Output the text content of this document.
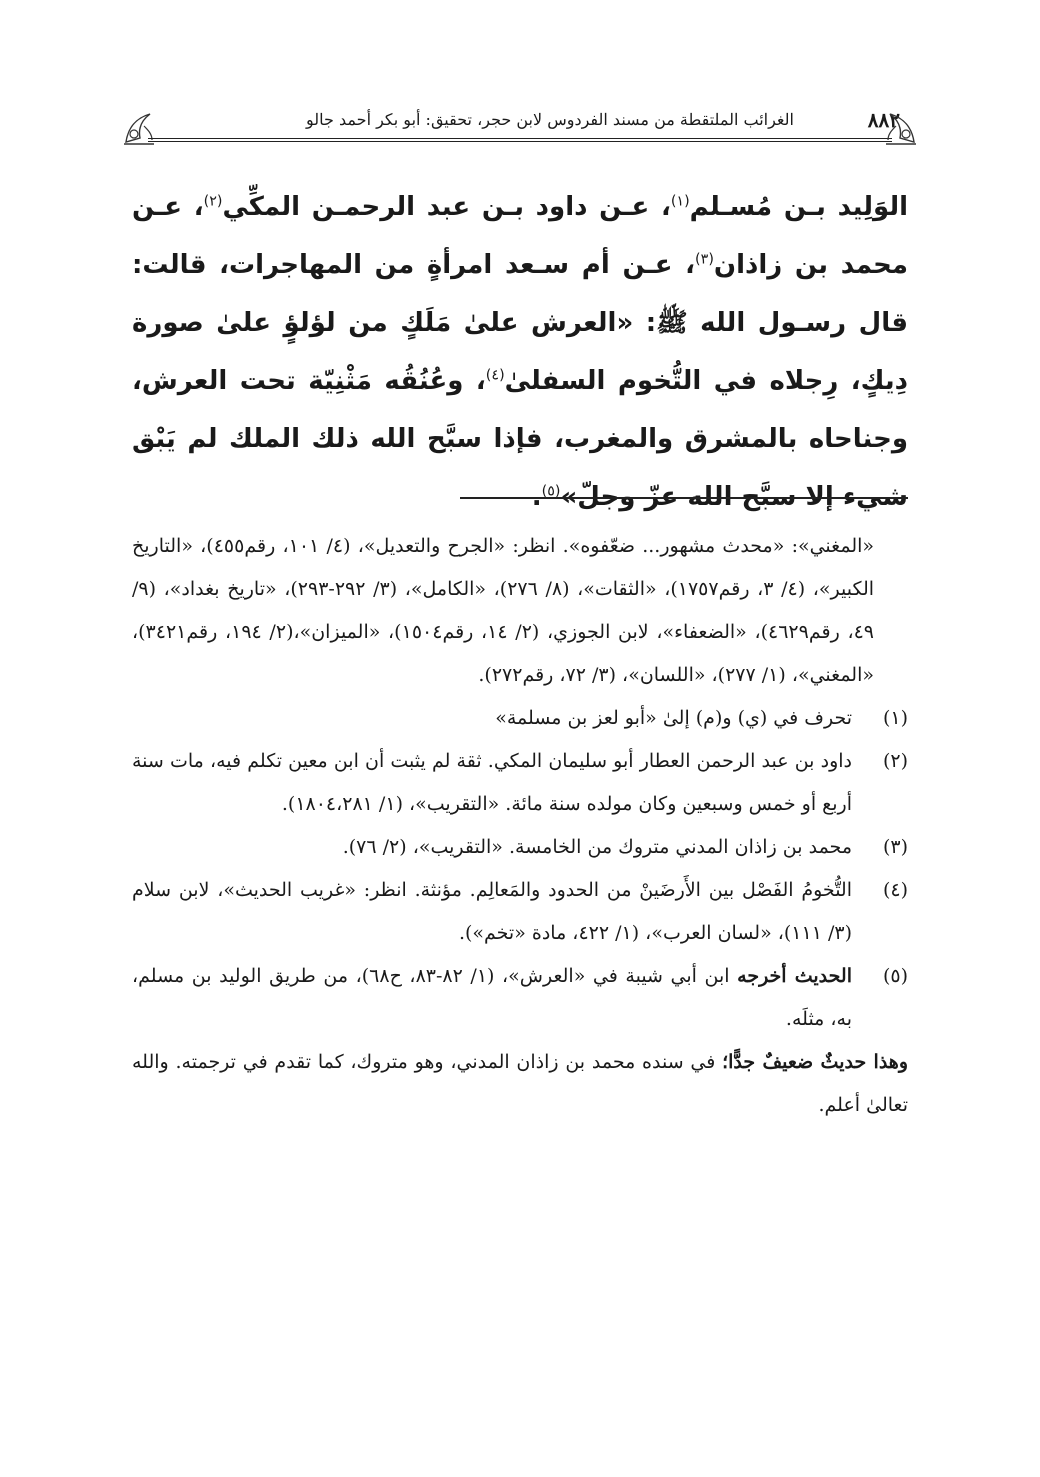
الغرائب الملتقطة من مسند الفردوس لابن حجر، تحقيق: أبو بكر أحمد جالو	٨٨٢

الوَلِيد بـن مُسـلم$^{(١)}$، عـن داود بـن عبد الرحمـن المكِّي$^{(٢)}$، عـن محمد بن زاذان$^{(٣)}$، عـن أم سـعد امرأةٍ من المهاجرات، قالت: قال رسـول الله ﷺ: «العرش علىٰ مَلَكٍ من لؤلؤٍ علىٰ صورة دِيكٍ، رِجلاه في التُّخوم السفلىٰ$^{(٤)}$، وعُنُقُه مَثْنِيّة تحت العرش، وجناحاه بالمشرق والمغرب، فإذا سبَّح الله ذلك الملك لم يَبْق شيء إلا سبَّح الله عزّ وجلّ»$^{(٥)}$.

«المغني»: «محدث مشهور... ضعّفوه». انظر: «الجرح والتعديل»، (٤/ ١٠١، رقم٤٥٥)، «التاريخ الكبير»، (٤/ ٣، رقم١٧٥٧)، «الثقات»، (٨/ ٢٧٦)، «الكامل»، (٣/ ٢٩٢-٢٩٣)، «تاريخ بغداد»، (٩/ ٤٩، رقم٤٦٢٩)، «الضعفاء»، لابن الجوزي، (٢/ ١٤، رقم١٥٠٤)، «الميزان»،(٢/ ١٩٤، رقم٣٤٢١)، «المغني»، (١/ ٢٧٧)، «اللسان»، (٣/ ٧٢، رقم٢٧٢).

(١)
تحرف في (ي) و(م) إلىٰ «أبو لعز بن مسلمة»
(٢)
داود بن عبد الرحمن العطار أبو سليمان المكي. ثقة لم يثبت أن ابن معين تكلم فيه، مات سنة أربع أو خمس وسبعين وكان مولده سنة مائة. «التقريب»، (١/ ١٨٠٤،٢٨١).
(٣)
محمد بن زاذان المدني متروك من الخامسة. «التقريب»، (٢/ ٧٦).
(٤)
التُّخومُ الفَصْل بين الأَرضَينْ من الحدود والمَعالِم. مؤنثة. انظر: «غريب الحديث»، لابن سلام (٣/ ١١١)، «لسان العرب»، (١/ ٤٢٢، مادة «تخم»).
(٥)
الحديث أخرجه ابن أبي شيبة في «العرش»، (١/ ٨٢-٨٣، ح٦٨)، من طريق الوليد بن مسلم، به، مثلَه.

وهذا حديثٌ ضعيفٌ جدًّا؛ في سنده محمد بن زاذان المدني، وهو متروك، كما تقدم في ترجمته. والله تعالىٰ أعلم.
